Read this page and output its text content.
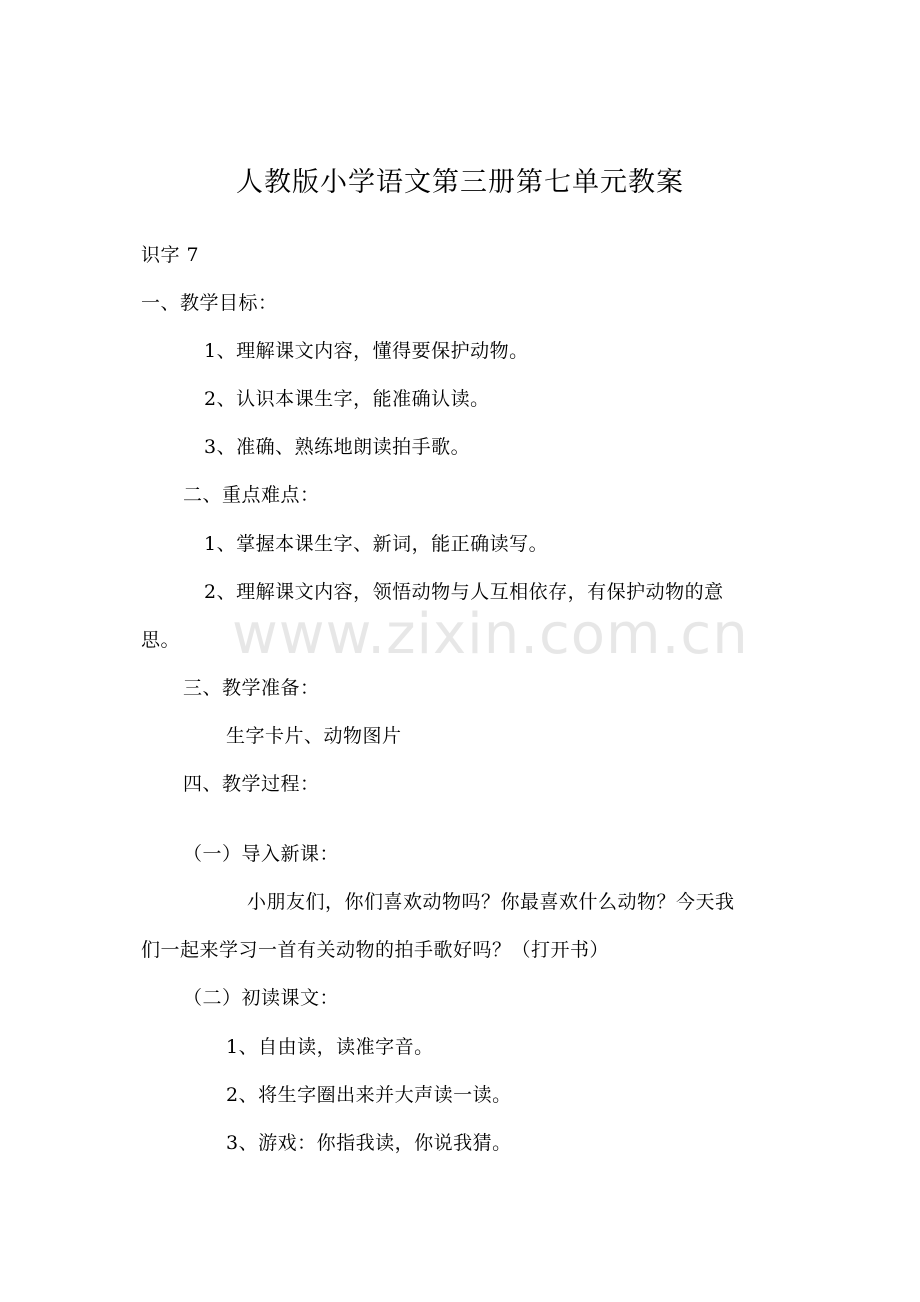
人教版小学语文第三册第七单元教案
识字 7
一、教学目标：
1、理解课文内容，懂得要保护动物。
2、认识本课生字，能准确认读。
3、准确、熟练地朗读拍手歌。
二、重点难点：
1、掌握本课生字、新词，能正确读写。
2、理解课文内容，领悟动物与人互相依存，有保护动物的意
思。
三、教学准备：
生字卡片、动物图片
四、教学过程：
（一）导入新课：
小朋友们，你们喜欢动物吗？你最喜欢什么动物？今天我
们一起来学习一首有关动物的拍手歌好吗？（打开书）
（二）初读课文：
1、自由读，读准字音。
2、将生字圈出来并大声读一读。
3、游戏：你指我读，你说我猜。
www.zixin.com.cn
